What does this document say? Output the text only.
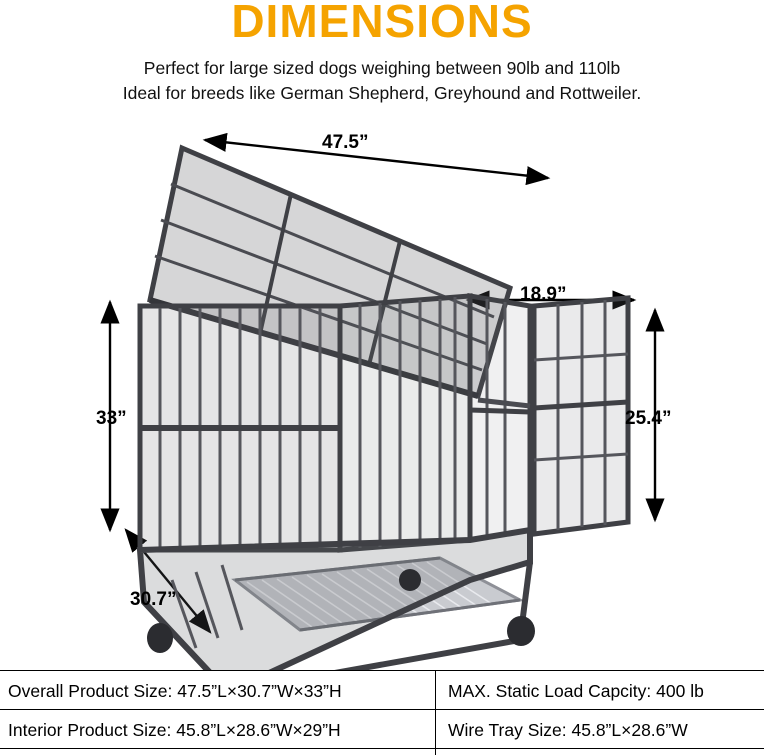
DIMENSIONS
Perfect for large sized dogs weighing between 90lb and 110lb
Ideal for breeds like German Shepherd, Greyhound and Rottweiler.
47.5”
18.9”
33”	25.4”
30.7”
Overall Product Size: 47.5”L×30.7”W×33”H	MAX. Static Load Capcity: 400 lb
Interior Product Size: 45.8”L×28.6”W×29”H	Wire Tray Size: 45.8”L×28.6”W
